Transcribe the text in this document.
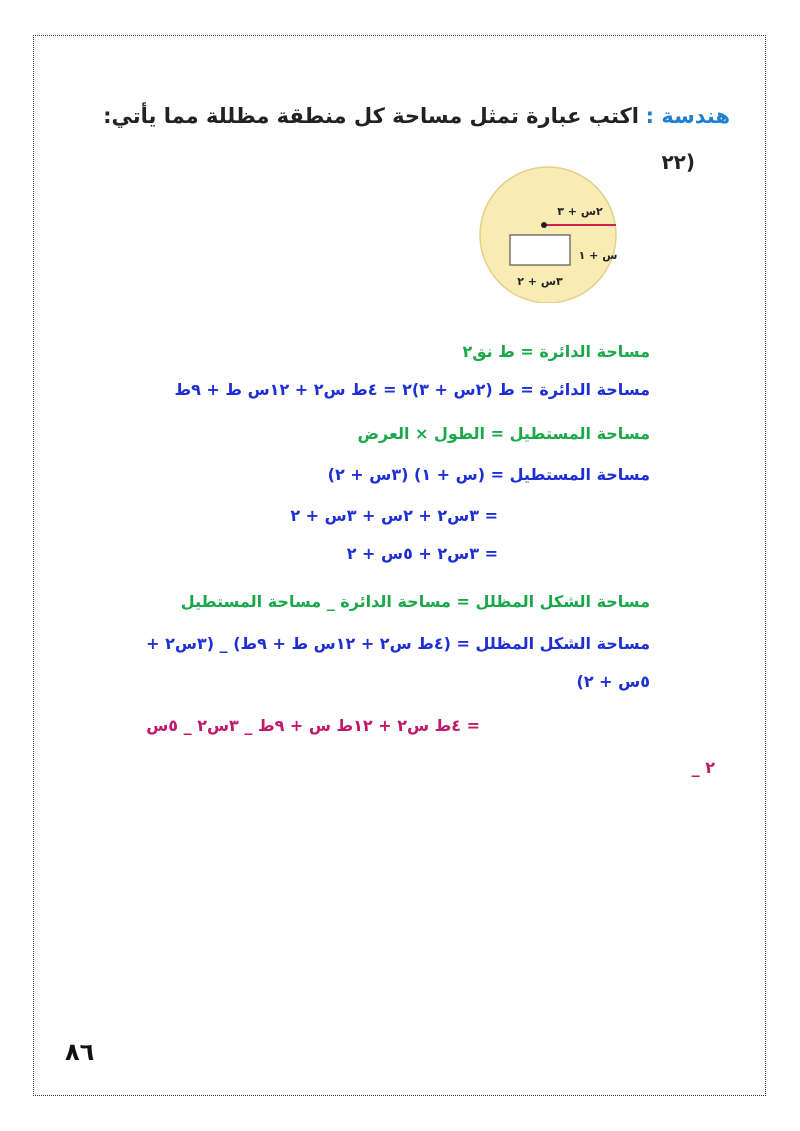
هندسة : اكتب عبارة تمثل مساحة كل منطقة مظللة مما يأتي:
(٢٢
٢س + ٣
س + ١
٣س + ٢
مساحة الدائرة = ط نق٢
مساحة الدائرة = ط (٢س + ٣)٢ = ٤ط س٢ + ١٢س ط + ٩ط
مساحة المستطيل = الطول × العرض
مساحة المستطيل = (س + ١) (٣س + ٢)
= ٣س٢ + ٢س + ٣س + ٢
= ٣س٢ + ٥س + ٢
مساحة الشكل المظلل = مساحة الدائرة _ مساحة المستطيل
مساحة الشكل المظلل = (٤ط س٢ + ١٢س ط + ٩ط) _ (٣س٢ +
٥س + ٢)
= ٤ط س٢ + ١٢ط س + ٩ط _ ٣س٢ _ ٥س
_ ٢
٨٦
